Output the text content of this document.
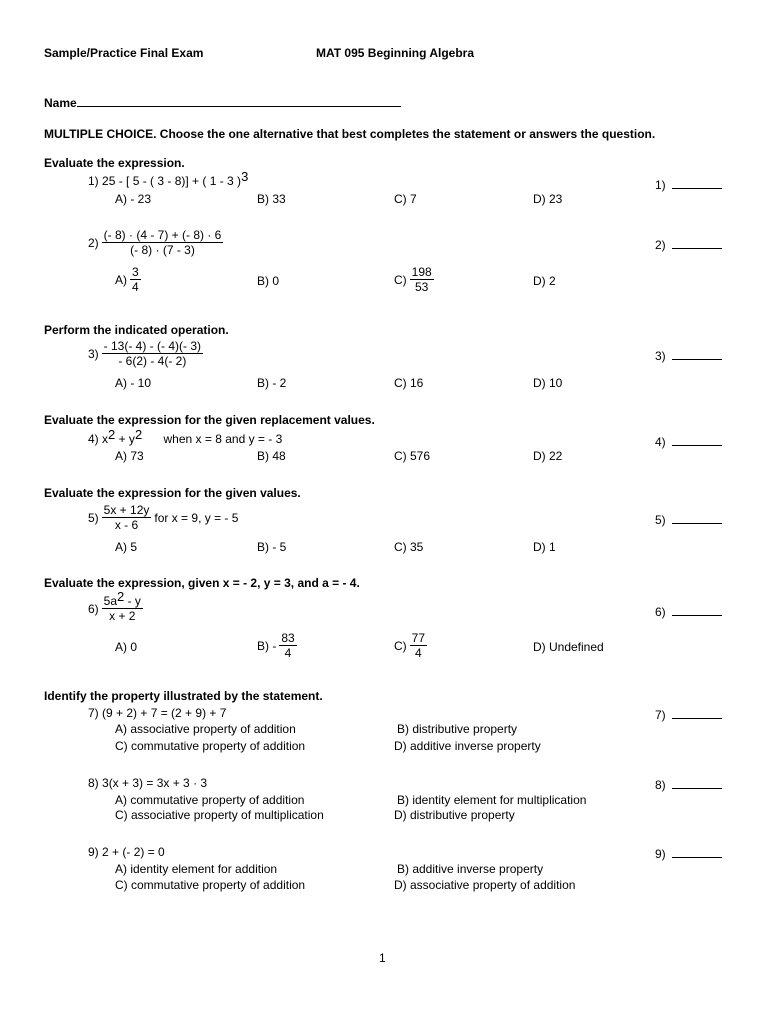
Sample/Practice Final Exam	MAT 095 Beginning Algebra
Name
MULTIPLE CHOICE. Choose the one alternative that best completes the statement or answers the question.
Evaluate the expression.
1) 25 - [ 5 - ( 3 - 8)] + ( 1 - 3 )$^3$
A) - 23	B) 33	C) 7	D) 23
$2) \frac{(- 8) \cdot (4 - 7) + (- 8) \cdot 6}{(- 8) \cdot (7 - 3)}$
$A) \frac{3}{4}$	B) 0	$C) \frac{198}{53}$	D) 2
Perform the indicated operation.
$3) \frac{- 13(- 4) - (- 4)(- 3)}{- 6(2) - 4(- 2)}$
A) - 10	B) - 2	C) 16	D) 10
Evaluate the expression for the given replacement values.
4) $x^2 + y^2$ when x = 8 and y = - 3
A) 73	B) 48	C) 576	D) 22
Evaluate the expression for the given values.
$5) \frac{5x + 12y}{x - 6}$ for x = 9, y = - 5
A) 5	B) - 5	C) 35	D) 1
Evaluate the expression, given x = - 2, y = 3, and a = - 4.
$6) \frac{5a^2 - y}{x + 2}$
A) 0	$B) - \frac{83}{4}$	$C) \frac{77}{4}$	D) Undefined
Identify the property illustrated by the statement.
7) (9 + 2) + 7 = (2 + 9) + 7
A) associative property of addition	B) distributive property
C) commutative property of addition	D) additive inverse property
8) 3(x + 3) = 3x + 3 · 3
A) commutative property of addition	B) identity element for multiplication
C) associative property of multiplication	D) distributive property
9) 2 + (- 2) = 0
A) identity element for addition	B) additive inverse property
C) commutative property of addition	D) associative property of addition
1)
2)
3)
4)
5)
6)
7)
8)
9)
1
